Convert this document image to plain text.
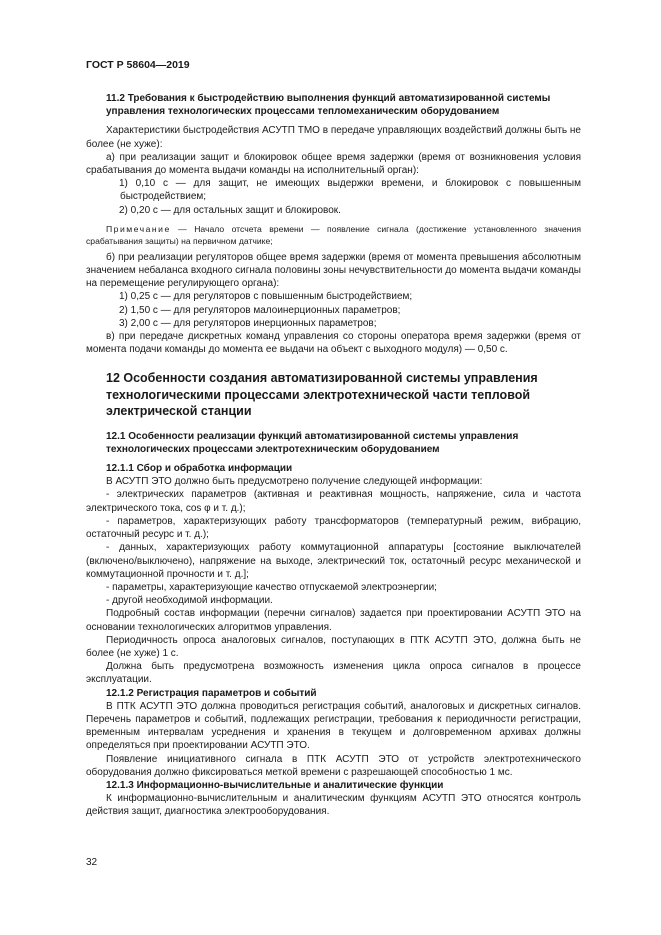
ГОСТ Р 58604—2019

11.2 Требования к быстродействию выполнения функций автоматизированной системы управления технологических процессами тепломеханическим оборудованием

Характеристики быстродействия АСУТП ТМО в передаче управляющих воздействий должны быть не более (не хуже):

а) при реализации защит и блокировок общее время задержки (время от возникновения условия срабатывания до момента выдачи команды на исполнительный орган):

1) 0,10 с — для защит, не имеющих выдержки времени, и блокировок с повышенным быстродействием;

2) 0,20 с — для остальных защит и блокировок.

Примечание — Начало отсчета времени — появление сигнала (достижение установленного значения срабатывания защиты) на первичном датчике;

б) при реализации регуляторов общее время задержки (время от момента превышения абсолютным значением небаланса входного сигнала половины зоны нечувствительности до момента выдачи команды на перемещение регулирующего органа):

1) 0,25 с — для регуляторов с повышенным быстродействием;

2) 1,50 с — для регуляторов малоинерционных параметров;

3) 2,00 с — для регуляторов инерционных параметров;

в) при передаче дискретных команд управления со стороны оператора время задержки (время от момента подачи команды до момента ее выдачи на объект с выходного модуля) — 0,50 с.

12 Особенности создания автоматизированной системы управления технологическими процессами электротехнической части тепловой электрической станции

12.1 Особенности реализации функций автоматизированной системы управления технологических процессами электротехническим оборудованием

12.1.1 Сбор и обработка информации

В АСУТП ЭТО должно быть предусмотрено получение следующей информации:

- электрических параметров (активная и реактивная мощность, напряжение, сила и частота электрического тока, cos φ и т. д.);

- параметров, характеризующих работу трансформаторов (температурный режим, вибрацию, остаточный ресурс и т. д.);

- данных, характеризующих работу коммутационной аппаратуры [состояние выключателей (включено/выключено), напряжение на выходе, электрический ток, остаточный ресурс механической и коммутационной прочности и т. д.];

- параметры, характеризующие качество отпускаемой электроэнергии;

- другой необходимой информации.

Подробный состав информации (перечни сигналов) задается при проектировании АСУТП ЭТО на основании технологических алгоритмов управления.

Периодичность опроса аналоговых сигналов, поступающих в ПТК АСУТП ЭТО, должна быть не более (не хуже) 1 с.

Должна быть предусмотрена возможность изменения цикла опроса сигналов в процессе эксплуатации.

12.1.2 Регистрация параметров и событий

В ПТК АСУТП ЭТО должна проводиться регистрация событий, аналоговых и дискретных сигналов. Перечень параметров и событий, подлежащих регистрации, требования к периодичности регистрации, временным интервалам усреднения и хранения в текущем и долговременном архивах должны определяться при проектировании АСУТП ЭТО.

Появление инициативного сигнала в ПТК АСУТП ЭТО от устройств электротехнического оборудования должно фиксироваться меткой времени с разрешающей способностью 1 мс.

12.1.3 Информационно-вычислительные и аналитические функции

К информационно-вычислительным и аналитическим функциям АСУТП ЭТО относятся контроль действия защит, диагностика электрооборудования.

32
